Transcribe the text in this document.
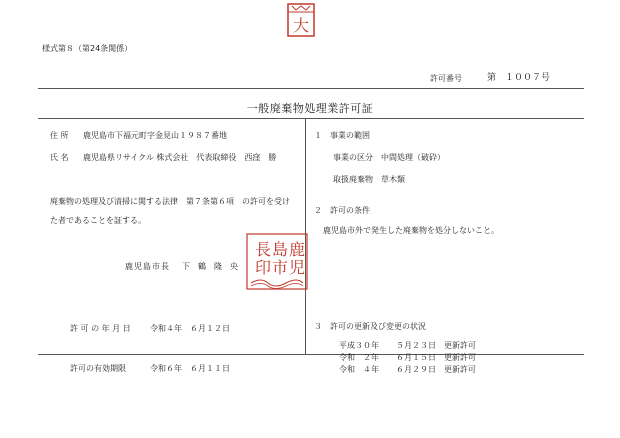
大
様式第８（第24条関係）
許可番号	第　１００７号
一般廃棄物処理業許可証
住 所 鹿児島市下福元町字金見山１９８７番地
氏 名 鹿児島県リサイクル 株式会社　代表取締役　西窪　勝
廃棄物の処理及び清掃に関する法律　第７条第６項　の許可を受け
た者であることを証する。
鹿児島市長 下　鶴　隆　央
長 島 鹿
印 市 児
許 可 の 年 月 日 令和４年　６月１２日
許可の有効期限	令和６年　６月１１日
１　事業の範囲
事業の区分　中間処理（破砕）
取扱廃棄物　草木類
２　許可の条件
鹿児島市外で発生した廃棄物を処分しないこと。
３　許可の更新及び変更の状況
平成３０年 ５月２３日 更新許可
令和　２年 ６月１５日 更新許可
令和　４年 ６月２９日 更新許可
